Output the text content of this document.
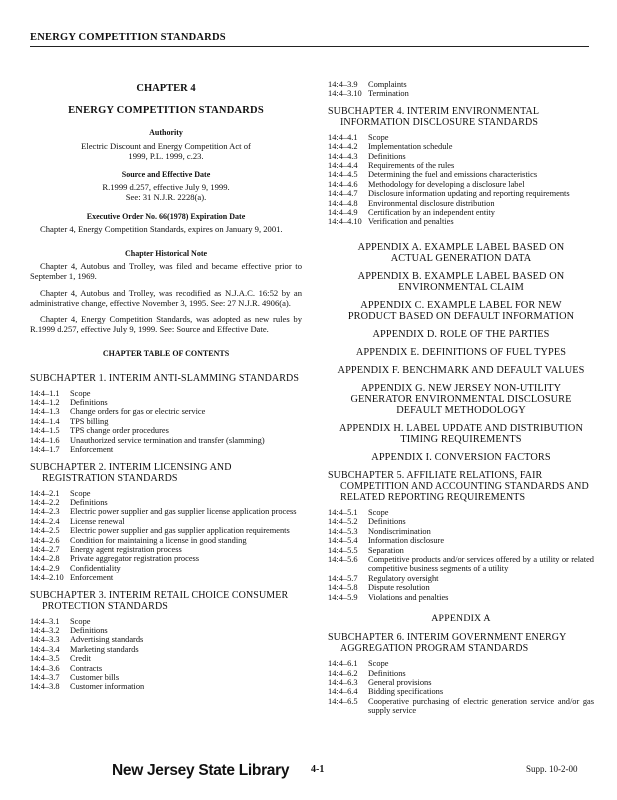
ENERGY COMPETITION STANDARDS

CHAPTER 4

ENERGY COMPETITION STANDARDS

Authority

Electric Discount and Energy Competition Act of 1999, P.L. 1999, c.23.

Source and Effective Date

R.1999 d.257, effective July 9, 1999.

See: 31 N.J.R. 2228(a).

Executive Order No. 66(1978) Expiration Date

Chapter 4, Energy Competition Standards, expires on January 9, 2001.

Chapter Historical Note

Chapter 4, Autobus and Trolley, was filed and became effective prior to September 1, 1969.

Chapter 4, Autobus and Trolley, was recodified as N.J.A.C. 16:52 by an administrative change, effective November 3, 1995. See: 27 N.J.R. 4906(a).

Chapter 4, Energy Competition Standards, was adopted as new rules by R.1999 d.257, effective July 9, 1999. See: Source and Effective Date.

CHAPTER TABLE OF CONTENTS

SUBCHAPTER 1. INTERIM ANTI-SLAMMING STANDARDS

14:4–1.1	Scope
14:4–1.2	Definitions
14:4–1.3	Change orders for gas or electric service
14:4–1.4	TPS billing
14:4–1.5	TPS change order procedures
14:4–1.6	Unauthorized service termination and transfer (slamming)
14:4–1.7	Enforcement

SUBCHAPTER 2. INTERIM LICENSING AND REGISTRATION STANDARDS

14:4–2.1	Scope
14:4–2.2	Definitions
14:4–2.3	Electric power supplier and gas supplier license application process
14:4–2.4	License renewal
14:4–2.5	Electric power supplier and gas supplier application requirements
14:4–2.6	Condition for maintaining a license in good standing
14:4–2.7	Energy agent registration process
14:4–2.8	Private aggregator registration process
14:4–2.9	Confidentiality
14:4–2.10	Enforcement

SUBCHAPTER 3. INTERIM RETAIL CHOICE CONSUMER PROTECTION STANDARDS

14:4–3.1	Scope
14:4–3.2	Definitions
14:4–3.3	Advertising standards
14:4–3.4	Marketing standards
14:4–3.5	Credit
14:4–3.6	Contracts
14:4–3.7	Customer bills
14:4–3.8	Customer information
14:4–3.9	Complaints
14:4–3.10	Termination

SUBCHAPTER 4. INTERIM ENVIRONMENTAL INFORMATION DISCLOSURE STANDARDS

14:4–4.1	Scope
14:4–4.2	Implementation schedule
14:4–4.3	Definitions
14:4–4.4	Requirements of the rules
14:4–4.5	Determining the fuel and emissions characteristics
14:4–4.6	Methodology for developing a disclosure label
14:4–4.7	Disclosure information updating and reporting requirements
14:4–4.8	Environmental disclosure distribution
14:4–4.9	Certification by an independent entity
14:4–4.10	Verification and penalties

APPENDIX A. EXAMPLE LABEL BASED ON ACTUAL GENERATION DATA

APPENDIX B. EXAMPLE LABEL BASED ON ENVIRONMENTAL CLAIM

APPENDIX C. EXAMPLE LABEL FOR NEW PRODUCT BASED ON DEFAULT INFORMATION

APPENDIX D. ROLE OF THE PARTIES

APPENDIX E. DEFINITIONS OF FUEL TYPES

APPENDIX F. BENCHMARK AND DEFAULT VALUES

APPENDIX G. NEW JERSEY NON-UTILITY GENERATOR ENVIRONMENTAL DISCLOSURE DEFAULT METHODOLOGY

APPENDIX H. LABEL UPDATE AND DISTRIBUTION TIMING REQUIREMENTS

APPENDIX I. CONVERSION FACTORS

SUBCHAPTER 5. AFFILIATE RELATIONS, FAIR COMPETITION AND ACCOUNTING STANDARDS AND RELATED REPORTING REQUIREMENTS

14:4–5.1	Scope
14:4–5.2	Definitions
14:4–5.3	Nondiscrimination
14:4–5.4	Information disclosure
14:4–5.5	Separation
14:4–5.6	Competitive products and/or services offered by a utility or related competitive business segments of a utility
14:4–5.7	Regulatory oversight
14:4–5.8	Dispute resolution
14:4–5.9	Violations and penalties

APPENDIX A

SUBCHAPTER 6. INTERIM GOVERNMENT ENERGY AGGREGATION PROGRAM STANDARDS

14:4–6.1	Scope
14:4–6.2	Definitions
14:4–6.3	General provisions
14:4–6.4	Bidding specifications
14:4–6.5	Cooperative purchasing of electric generation service and/or gas supply service
New Jersey State Library 4-1	Supp. 10-2-00
